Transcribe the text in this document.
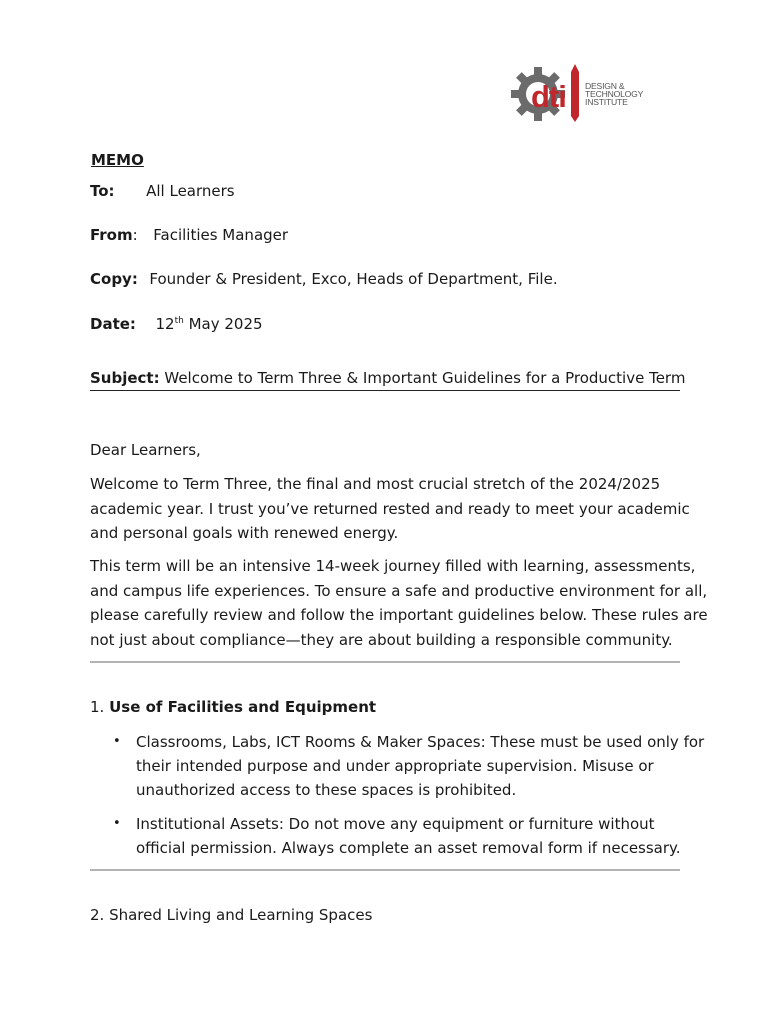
dti DESIGN &
TECHNOLOGY
INSTITUTE
MEMO
To: All Learners
From: Facilities Manager
Copy: Founder & President, Exco, Heads of Department, File.
Date: 12th May 2025
Subject: Welcome to Term Three & Important Guidelines for a Productive Term
Dear Learners,
Welcome to Term Three, the final and most crucial stretch of the 2024/2025
academic year. I trust you’ve returned rested and ready to meet your academic
and personal goals with renewed energy.
This term will be an intensive 14-week journey filled with learning, assessments,
and campus life experiences. To ensure a safe and productive environment for all,
please carefully review and follow the important guidelines below. These rules are
not just about compliance—they are about building a responsible community.
1. Use of Facilities and Equipment
• Classrooms, Labs, ICT Rooms & Maker Spaces: These must be used only for
their intended purpose and under appropriate supervision. Misuse or
unauthorized access to these spaces is prohibited.
• Institutional Assets: Do not move any equipment or furniture without
official permission. Always complete an asset removal form if necessary.
2. Shared Living and Learning Spaces
